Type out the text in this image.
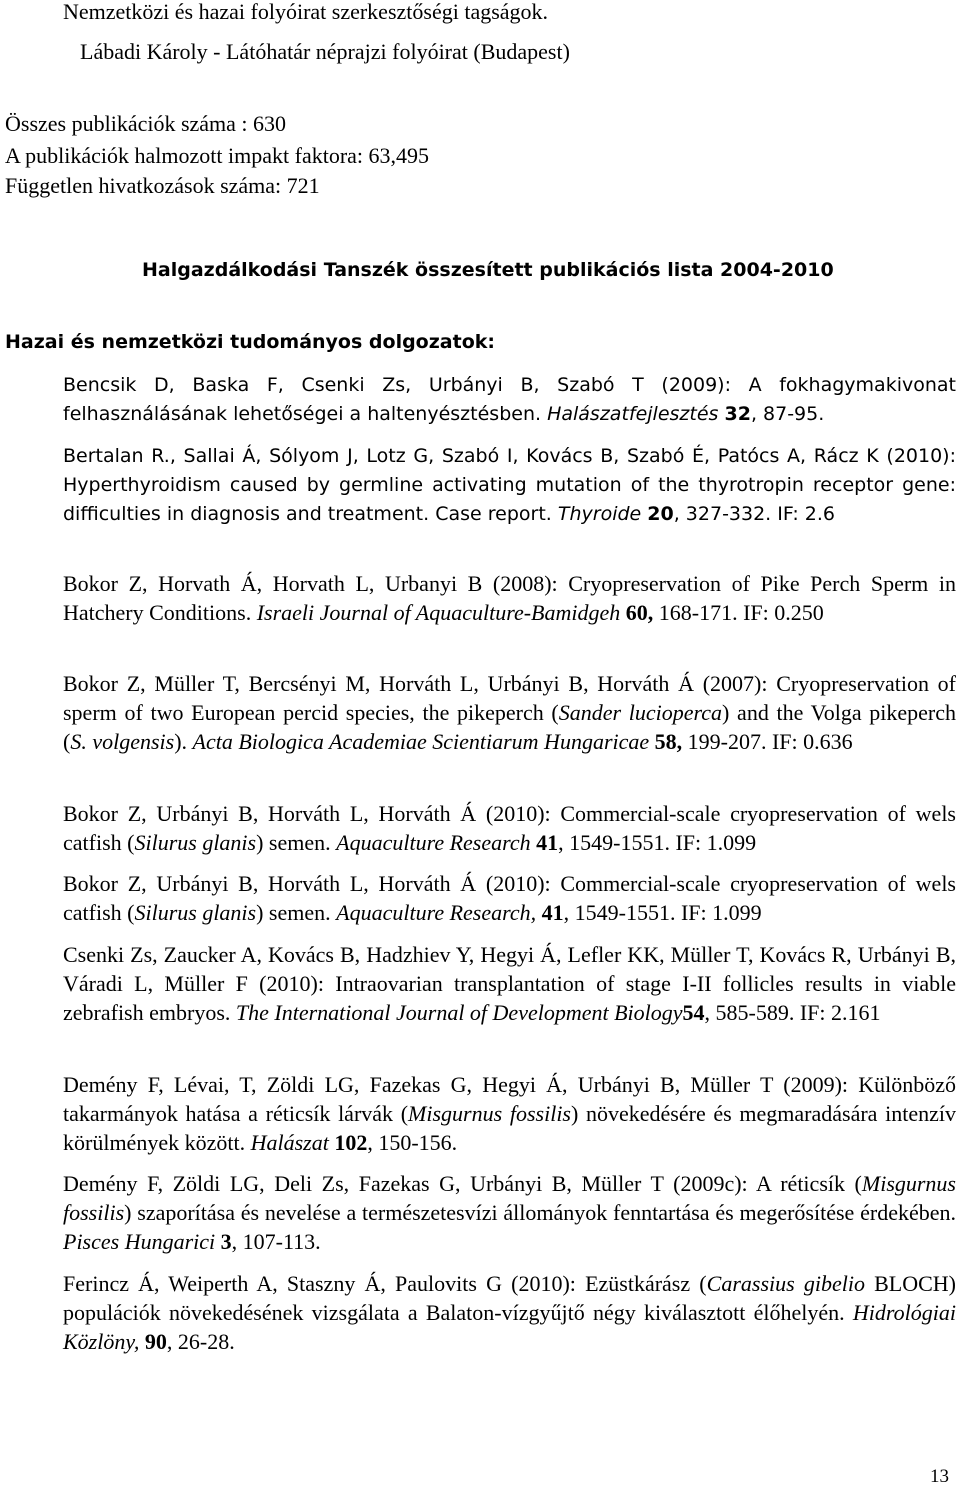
Nemzetközi és hazai folyóirat szerkesztőségi tagságok.
Lábadi Károly - Látóhatár néprajzi folyóirat (Budapest)
Összes publikációk száma : 630
A publikációk halmozott impakt faktora: 63,495
Független hivatkozások száma: 721
Halgazdálkodási Tanszék összesített publikációs lista 2004-2010
Hazai és nemzetközi tudományos dolgozatok:
Bencsik D, Baska F, Csenki Zs, Urbányi B, Szabó T (2009): A fokhagymakivonat felhasználásának lehetőségei a haltenyésztésben. Halászatfejlesztés 32, 87-95.
Bertalan R., Sallai Á, Sólyom J, Lotz G, Szabó I, Kovács B, Szabó É, Patócs A, Rácz K (2010): Hyperthyroidism caused by germline activating mutation of the thyrotropin receptor gene: difficulties in diagnosis and treatment. Case report. Thyroide 20, 327-332. IF: 2.6
Bokor Z, Horvath Á, Horvath L, Urbanyi B (2008): Cryopreservation of Pike Perch Sperm in Hatchery Conditions. Israeli Journal of Aquaculture-Bamidgeh 60, 168-171. IF: 0.250
Bokor Z, Müller T, Bercsényi M, Horváth L, Urbányi B, Horváth Á (2007): Cryopreservation of sperm of two European percid species, the pikeperch (Sander lucioperca) and the Volga pikeperch (S. volgensis). Acta Biologica Academiae Scientiarum Hungaricae 58, 199-207. IF: 0.636
Bokor Z, Urbányi B, Horváth L, Horváth Á (2010): Commercial-scale cryopreservation of wels catfish (Silurus glanis) semen. Aquaculture Research 41, 1549-1551. IF: 1.099
Bokor Z, Urbányi B, Horváth L, Horváth Á (2010): Commercial-scale cryopreservation of wels catfish (Silurus glanis) semen. Aquaculture Research, 41, 1549-1551. IF: 1.099
Csenki Zs, Zaucker A, Kovács B, Hadzhiev Y, Hegyi Á, Lefler KK, Müller T, Kovács R, Urbányi B, Váradi L, Müller F (2010): Intraovarian transplantation of stage I-II follicles results in viable zebrafish embryos. The International Journal of Development Biology54, 585-589. IF: 2.161
Demény F, Lévai, T, Zöldi LG, Fazekas G, Hegyi Á, Urbányi B, Müller T (2009): Különböző takarmányok hatása a réticsík lárvák (Misgurnus fossilis) növekedésére és megmaradására intenzív körülmények között. Halászat 102, 150-156.
Demény F, Zöldi LG, Deli Zs, Fazekas G, Urbányi B, Müller T (2009c): A réticsík (Misgurnus fossilis) szaporítása és nevelése a természetesvízi állományok fenntartása és megerősítése érdekében. Pisces Hungarici 3, 107-113.
Ferincz Á, Weiperth A, Staszny Á, Paulovits G (2010): Ezüstkárász (Carassius gibelio BLOCH) populációk növekedésének vizsgálata a Balaton-vízgyűjtő négy kiválasztott élőhelyén. Hidrológiai Közlöny, 90, 26-28.
13
